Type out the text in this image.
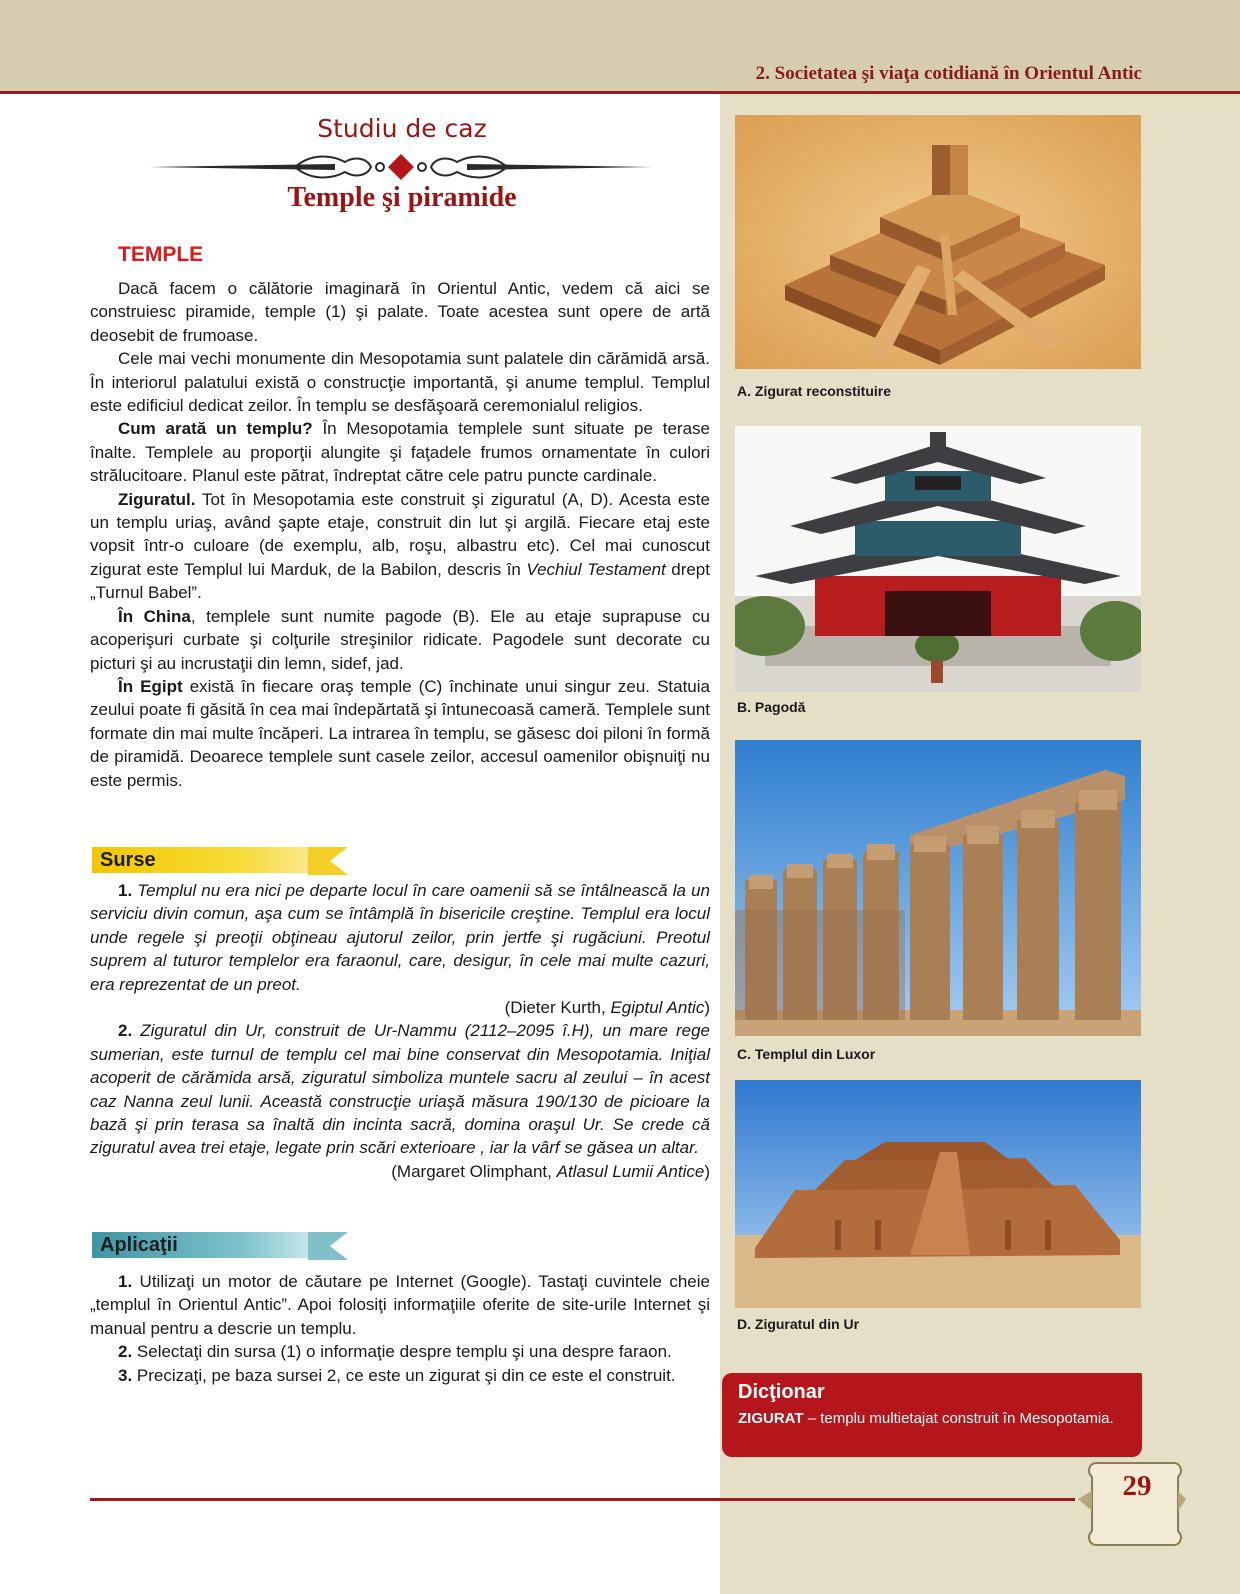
2. Societatea şi viaţa cotidiană în Orientul Antic
Studiu de caz
Temple şi piramide
TEMPLE

Dacă facem o călătorie imaginară în Orientul Antic, vedem că aici se construiesc piramide, temple (1) şi palate. Toate acestea sunt opere de artă deosebit de frumoase.

Cele mai vechi monumente din Mesopotamia sunt palatele din cărămidă arsă. În interiorul palatului există o construcţie importantă, şi anume templul. Templul este edificiul dedicat zeilor. În templu se desfăşoară ceremonialul religios.

Cum arată un templu? În Mesopotamia templele sunt situate pe terase înalte. Templele au proporţii alungite şi faţadele frumos ornamentate în culori strălucitoare. Planul este pătrat, îndreptat către cele patru puncte cardinale.

Ziguratul. Tot în Mesopotamia este construit şi ziguratul (A, D). Acesta este un templu uriaş, având şapte etaje, construit din lut şi argilă. Fiecare etaj este vopsit într-o culoare (de exemplu, alb, roşu, albastru etc). Cel mai cunoscut zigurat este Templul lui Marduk, de la Babilon, descris în Vechiul Testament drept „Turnul Babel”.

În China, templele sunt numite pagode (B). Ele au etaje suprapuse cu acoperişuri curbate şi colţurile streşinilor ridicate. Pagodele sunt decorate cu picturi şi au incrustaţii din lemn, sidef, jad.

În Egipt există în fiecare oraş temple (C) închinate unui singur zeu. Statuia zeului poate fi găsită în cea mai îndepărtată şi întunecoasă cameră. Templele sunt formate din mai multe încăperi. La intrarea în templu, se găsesc doi piloni în formă de piramidă. Deoarece templele sunt casele zeilor, accesul oamenilor obişnuiţi nu este permis.

Surse

1. Templul nu era nici pe departe locul în care oamenii să se întâlnească la un serviciu divin comun, aşa cum se întâmplă în bisericile creştine. Templul era locul unde regele şi preoţii obţineau ajutorul zeilor, prin jertfe şi rugăciuni. Preotul suprem al tuturor templelor era faraonul, care, desigur, în cele mai multe cazuri, era reprezentat de un preot.

(Dieter Kurth, Egiptul Antic)

2. Ziguratul din Ur, construit de Ur-Nammu (2112–2095 î.H), un mare rege sumerian, este turnul de templu cel mai bine conservat din Mesopotamia. Iniţial acoperit de cărămida arsă, ziguratul simboliza muntele sacru al zeului – în acest caz Nanna zeul lunii. Această construcţie uriaşă măsura 190/130 de picioare la bază şi prin terasa sa înaltă din incinta sacră, domina oraşul Ur. Se crede că ziguratul avea trei etaje, legate prin scări exterioare , iar la vârf se găsea un altar.

(Margaret Olimphant, Atlasul Lumii Antice)

Aplicaţii

1. Utilizaţi un motor de căutare pe Internet (Google). Tastaţi cuvintele cheie „templul în Orientul Antic”. Apoi folosiţi informaţiile oferite de site-urile Internet şi manual pentru a descrie un templu.

2. Selectaţi din sursa (1) o informaţie despre templu şi una despre faraon.

3. Precizaţi, pe baza sursei 2, ce este un zigurat şi din ce este el construit.

A. Zigurat reconstituire
B. Pagodă
C. Templul din Luxor
D. Ziguratul din Ur
Dicţionar
ZIGURAT – templu multietajat construit în Mesopotamia.
29
